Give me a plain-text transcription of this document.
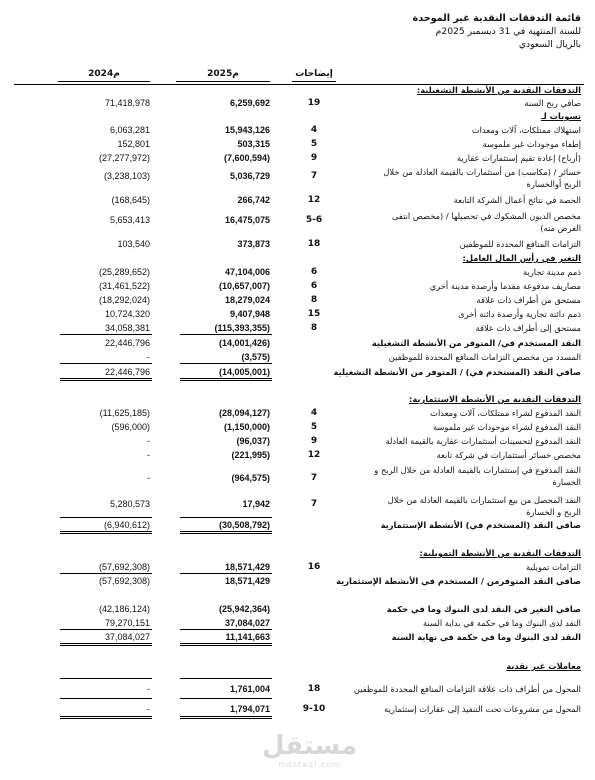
قائمة التدفقات النقدية غير الموحدة
للسنة المنتهية في 31 ديسمبر 2025م
بالريال السعودي
إيضاحات
2025م
2024م
التدفقات النقدية من الأنشطة التشغيلية:
صافي ربح السنة
19
6,259,692
71,418,978
تسويات لـ
استهلاك ممتلكات، آلات ومعدات
4
15,943,126
6,063,281
إطفاء موجودات غير ملموسة
5
503,315
152,801
(أرباح) إعادة تقيم إستثمارات عقارية
9
(7,600,594)
(27,277,972)
خسائر / (مكاسب) من أستثمارات بالقيمة العادلة من خلال الربح أوالخسارة
7
5,036,729
(3,238,103)
الحصة في نتائج أعمال الشركة التابعة
12
266,742
(168,645)
مخصص الديون المشكوك في تحصيلها / (مخصص انتفى الغرض منه)
5-6
16,475,075
5,653,413
التزامات المنافع المحددة للموظفين
18
373,873
103,540
التغير في رأس المال العامل:
ذمم مدينة تجارية
6
47,104,006
(25,289,652)
مصاريف مدفوعة مقدما وأرصدة مدينة أخري
6
(10,657,007)
(31,461,522)
مستحق من أطراف ذات علاقة
8
18,279,024
(18,292,024)
ذمم دائنة تجارية وأرصدة دائنة أخرى
15
9,407,948
10,724,320
مستحق إلى أطراف ذات علاقة
8
(115,393,355)
34,058,381
النقد المستخدم في/ المتوفر من الأنشطة التشغيلية
(14,001,426)
22,446,796
المسدد من مخصص التزامات المنافع المحددة للموظفين
(3,575)
-
صافي النقد (المستخدم في) / المتوفر من الأنشطة التشغيلية
(14,005,001)
22,446,796
التدفقات النقدية من الأنشطة الاستثمارية:
النقد المدفوع لشراء ممتلكات، آلات ومعدات
4
(28,094,127)
(11,625,185)
النقد المدفوع لشراء موجودات غير ملموسة
5
(1,150,000)
(596,000)
النقد المدفوع لتحسينات أستثمارات عقارية بالقيمة العادلة
9
(96,037)
-
مخصص خسائر أستثمارات في شركة تابعة
12
(221,995)
-
النقد المدفوع في إستثمارات بالقيمة العادلة من خلال الربح و الخسارة
7
(964,575)
-
النقد المحصل من بيع استثمارات بالقيمة العادلة من خلال الربح و الخسارة
7
17,942
5,280,573
صافي النقد (المستخدم في) الأنشطة الإستثمارية
(30,508,792)
(6,940,612)
التدفقات النقدية من الأنشطة التمويلية:
التزامات تمويلية
16
18,571,429
(57,692,308)
صافي النقد المتوفرمن / المستخدم في الأنشطة الإستثمارية
18,571,429
(57,692,308)
صافي التغير في النقد لدى البنوك وما في حكمة
(25,942,364)
(42,186,124)
النقد لدى البنوك وما في حكمة في بداية السنة
37,084,027
79,270,151
النقد لدى البنوك وما في حكمة في نهاية السنة
11,141,663
37,084,027
معاملات غير نقدية
المحول من أطراف ذات علاقة التزامات المنافع المحددة للموظفين
18
1,761,004
-
المحول من مشروعات تحت التنفيذ إلى عقارات إستثمارية
9-10
1,794,071
-
مستقل
mostaql.com
